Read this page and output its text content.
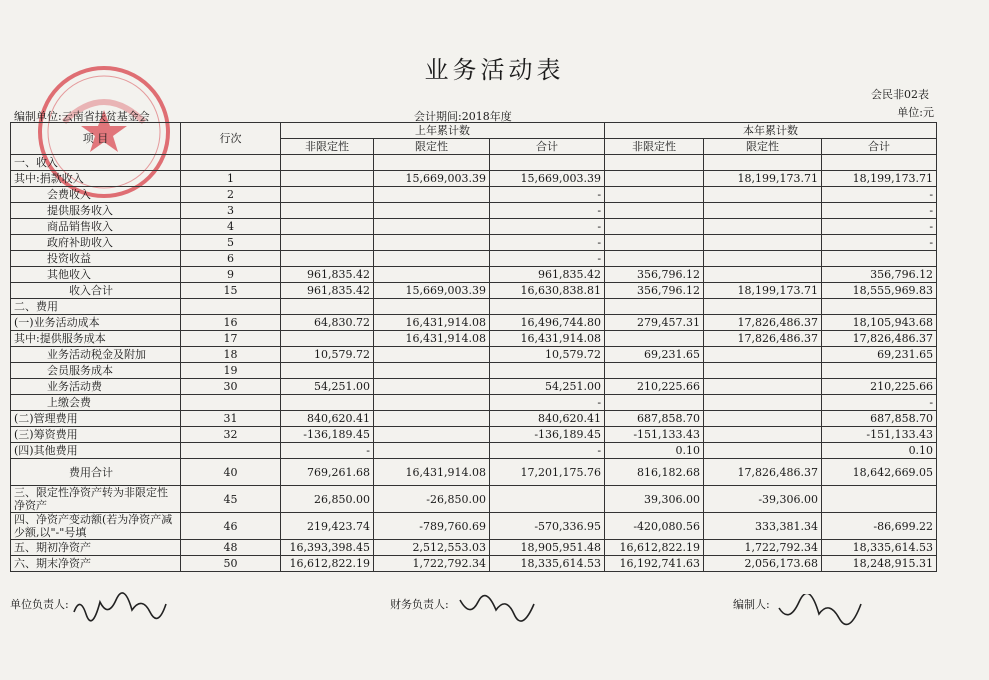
业务活动表
会民非02表
单位:元
编制单位:云南省扶贫基金会	会计期间:2018年度
项 目	行次	上年累计数			本年累计数		
		非限定性	限定性	合计	非限定性	限定性	合计
一、收入							
其中:捐款收入	1		15,669,003.39	15,669,003.39		18,199,173.71	18,199,173.71
会费收入	2			-			-
提供服务收入	3			-			-
商品销售收入	4			-			-
政府补助收入	5			-			-
投资收益	6			-			
其他收入	9	961,835.42		961,835.42	356,796.12		356,796.12
收入合计	15	961,835.42	15,669,003.39	16,630,838.81	356,796.12	18,199,173.71	18,555,969.83
二、费用							
(一)业务活动成本	16	64,830.72	16,431,914.08	16,496,744.80	279,457.31	17,826,486.37	18,105,943.68
其中:提供服务成本	17		16,431,914.08	16,431,914.08		17,826,486.37	17,826,486.37
业务活动税金及附加	18	10,579.72		10,579.72	69,231.65		69,231.65
会员服务成本	19						
业务活动费	30	54,251.00		54,251.00	210,225.66		210,225.66
上缴会费				-			-
(二)管理费用	31	840,620.41		840,620.41	687,858.70		687,858.70
(三)筹资费用	32	-136,189.45		-136,189.45	-151,133.43		-151,133.43
(四)其他费用		-		-	0.10		0.10
费用合计	40	769,261.68	16,431,914.08	17,201,175.76	816,182.68	17,826,486.37	18,642,669.05
三、限定性净资产转为非限定性净资产	45	26,850.00	-26,850.00		39,306.00	-39,306.00	
四、净资产变动额(若为净资产减少额,以"-"号填	46	219,423.74	-789,760.69	-570,336.95	-420,080.56	333,381.34	-86,699.22
五、期初净资产	48	16,393,398.45	2,512,553.03	18,905,951.48	16,612,822.19	1,722,792.34	18,335,614.53
六、期末净资产	50	16,612,822.19	1,722,792.34	18,335,614.53	16,192,741.63	2,056,173.68	18,248,915.31
单位负责人:	财务负责人:	编制人:
